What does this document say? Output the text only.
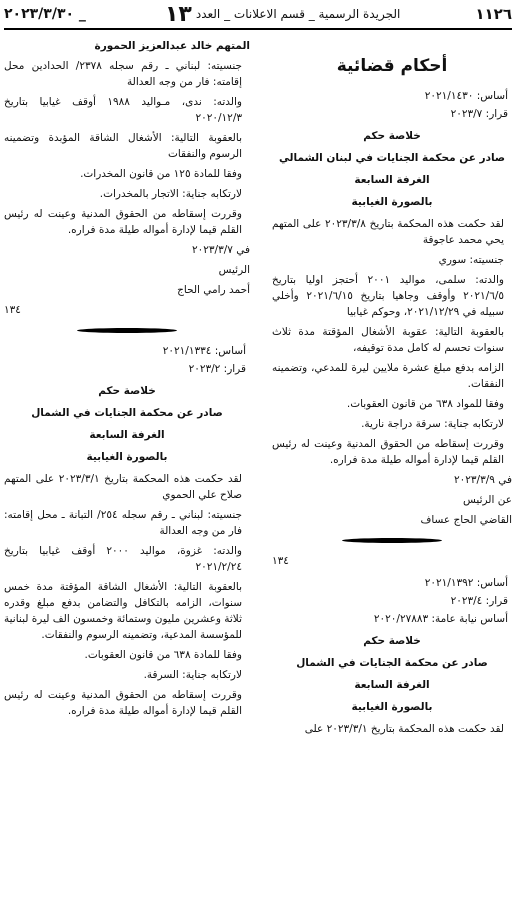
٢٠٢٣/٣/٣٠ _	الجريدة الرسمية _ قسم الاعلانات _ العدد١٣	١١٢٦
أحكام قضائية
أساس: ٢٠٢١/١٤٣٠
قرار: ٢٠٢٣/٧
خلاصة حكم
صادر عن محكمة الجنايات في لبنان الشمالي
الغرفة السابعة
بالصورة الغيابية

لقد حكمت هذه المحكمة بتاريخ ٢٠٢٣/٣/٨ على المتهم يحي محمد عاجوقة

جنسيته: سوري

والدته: سلمى، مواليد ٢٠٠١ أحتجز اوليا بتاريخ ٢٠٢١/٦/٥ وأوقف وجاهيا بتاريخ ٢٠٢١/٦/١٥ وأخلي سبيله في ٢٠٢١/١٢/٢٩، وحوكم غيابيا

بالعقوبة التالية: عقوبة الأشغال المؤقتة مدة ثلاث سنوات تحسم له كامل مدة توقيفه،

الزامه بدفع مبلغ عشرة ملايين ليرة للمدعي، وتضمينه النفقات.

وفقا للمواد ٦٣٨ من قانون العقوبات.

لارتكابه جناية: سرقة دراجة نارية.

وقررت إسقاطه من الحقوق المدنية وعينت له رئيس القلم قيما لإدارة أمواله طيلة مدة فراره.

في ٢٠٢٣/٣/٩
عن الرئيس
القاضي الحاج عساف
١٣٤
أساس: ٢٠٢١/١٣٩٢
قرار: ٢٠٢٣/٤
أساس نيابة عامة: ٢٠٢٠/٢٧٨٨٣
خلاصة حكم
صادر عن محكمة الجنايات في الشمال
الغرفة السابعة
بالصورة الغيابية

لقد حكمت هذه المحكمة بتاريخ ٢٠٢٣/٣/١ على

المتهم خالد عبدالعزيز الحمورة

جنسيته: لبناني ـ رقم سجله ٢٣٧٨/ الحدادين محل إقامته: فار من وجه العدالة

والدته: ندى، مـواليد ١٩٨٨ أوقف غيابيا بتاريخ ٢٠٢٠/١٢/٣

بالعقوبة التالية: الأشغال الشاقة المؤبدة وتضمينه الرسوم والنفقات

وفقا للمادة ١٢٥ من قانون المخدرات.

لارتكابه جناية: الاتجار بالمخدرات.

وقررت إسقاطه من الحقوق المدنية وعينت له رئيس القلم قيما لإدارة أمواله طيلة مدة فراره.

في ٢٠٢٣/٣/٧
الرئيس
أحمد رامي الحاج
١٣٤
أساس: ٢٠٢١/١٣٣٤
قرار: ٢٠٢٣/٢
خلاصة حكم
صادر عن محكمة الجنايات في الشمال
الغرفة السابعة
بالصورة الغيابية

لقد حكمت هذه المحكمة بتاريخ ٢٠٢٣/٣/١ على المتهم صلاح علي الحموي

جنسيته: لبناني ـ رقم سجله ٢٥٤/ التبانة ـ محل إقامته: فار من وجه العدالة

والدته: غزوة، مواليد ٢٠٠٠ أوقف غيابيا بتاريخ ٢٠٢١/٢/٢٤

بالعقوبة التالية: الأشغال الشاقة المؤقتة مدة خمس سنوات، الزامه بالتكافل والتضامن بدفع مبلغ وقدره ثلاثة وعشرين مليون وستمائة وخمسون الف ليرة لبنانية للمؤسسة المدعية، وتضمينه الرسوم والنفقات.

وفقا للمادة ٦٣٨ من قانون العقوبات.

لارتكابه جناية: السرقة.

وقررت إسقاطه من الحقوق المدنية وعينت له رئيس القلم قيما لإدارة أمواله طيلة مدة فراره.
